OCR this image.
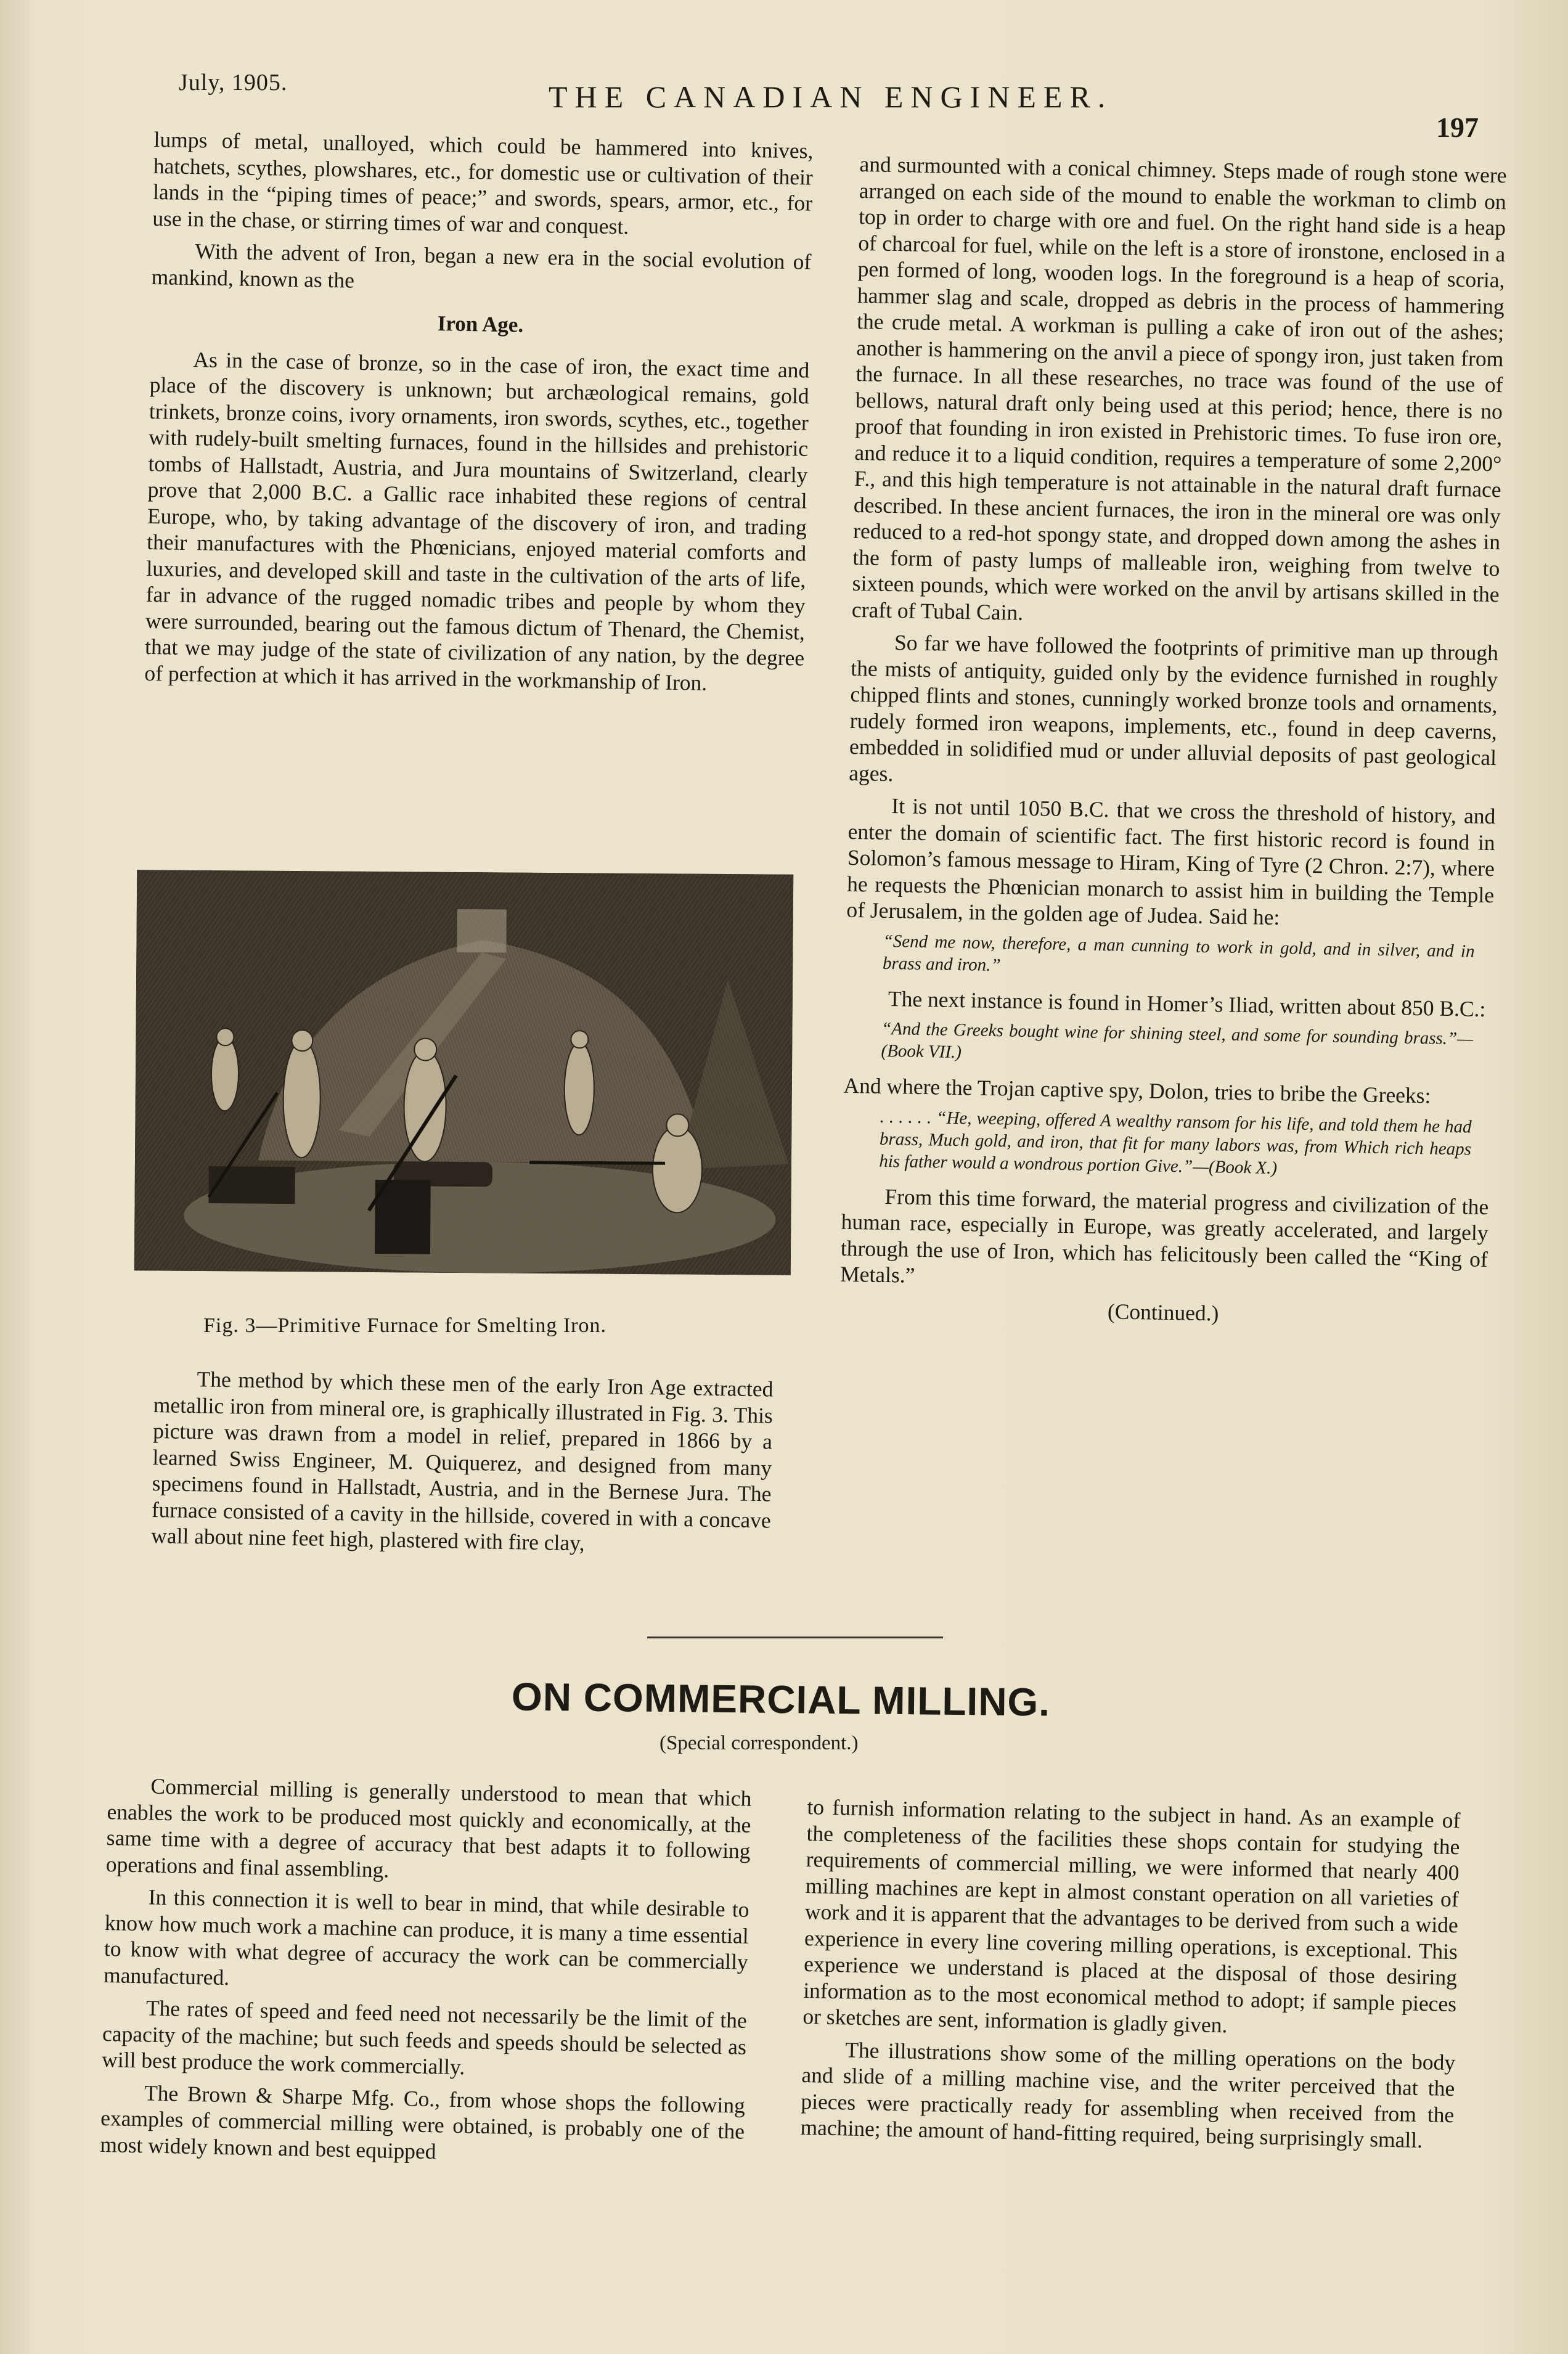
July, 1905.	THE CANADIAN ENGINEER.
197

lumps of metal, unalloyed, which could be hammered into knives, hatchets, scythes, plowshares, etc., for domestic use or cultivation of their lands in the “piping times of peace;” and swords, spears, armor, etc., for use in the chase, or stirring times of war and conquest.

With the advent of Iron, began a new era in the social evolution of mankind, known as the

Iron Age.

As in the case of bronze, so in the case of iron, the exact time and place of the discovery is unknown; but archæological remains, gold trinkets, bronze coins, ivory ornaments, iron swords, scythes, etc., together with rudely-built smelting furnaces, found in the hillsides and prehistoric tombs of Hallstadt, Austria, and Jura mountains of Switzerland, clearly prove that 2,000 B.C. a Gallic race inhabited these regions of central Europe, who, by taking advantage of the discovery of iron, and trading their manufactures with the Phœnicians, enjoyed material comforts and luxuries, and developed skill and taste in the cultivation of the arts of life, far in advance of the rugged nomadic tribes and people by whom they were surrounded, bearing out the famous dictum of Thenard, the Chemist, that we may judge of the state of civilization of any nation, by the degree of perfection at which it has arrived in the workmanship of Iron.

Fig. 3—Primitive Furnace for Smelting Iron.

The method by which these men of the early Iron Age extracted metallic iron from mineral ore, is graphically illustrated in Fig. 3. This picture was drawn from a model in relief, prepared in 1866 by a learned Swiss Engineer, M. Quiquerez, and designed from many specimens found in Hallstadt, Austria, and in the Bernese Jura. The furnace consisted of a cavity in the hillside, covered in with a concave wall about nine feet high, plastered with fire clay,

and surmounted with a conical chimney. Steps made of rough stone were arranged on each side of the mound to enable the workman to climb on top in order to charge with ore and fuel. On the right hand side is a heap of charcoal for fuel, while on the left is a store of ironstone, enclosed in a pen formed of long, wooden logs. In the foreground is a heap of scoria, hammer slag and scale, dropped as debris in the process of hammering the crude metal. A workman is pulling a cake of iron out of the ashes; another is hammering on the anvil a piece of spongy iron, just taken from the furnace. In all these researches, no trace was found of the use of bellows, natural draft only being used at this period; hence, there is no proof that founding in iron existed in Prehistoric times. To fuse iron ore, and reduce it to a liquid condition, requires a temperature of some 2,200° F., and this high temperature is not attainable in the natural draft furnace described. In these ancient furnaces, the iron in the mineral ore was only reduced to a red-hot spongy state, and dropped down among the ashes in the form of pasty lumps of malleable iron, weighing from twelve to sixteen pounds, which were worked on the anvil by artisans skilled in the craft of Tubal Cain.

So far we have followed the footprints of primitive man up through the mists of antiquity, guided only by the evidence furnished in roughly chipped flints and stones, cunningly worked bronze tools and ornaments, rudely formed iron weapons, implements, etc., found in deep caverns, embedded in solidified mud or under alluvial deposits of past geological ages.

It is not until 1050 B.C. that we cross the threshold of history, and enter the domain of scientific fact. The first historic record is found in Solomon’s famous message to Hiram, King of Tyre (2 Chron. 2:7), where he requests the Phœnician monarch to assist him in building the Temple of Jerusalem, in the golden age of Judea. Said he:

“Send me now, therefore, a man cunning to work in gold, and in silver, and in brass and iron.”

The next instance is found in Homer’s Iliad, written about 850 B.C.:

“And the Greeks bought wine for shining steel, and some for sounding brass.”—(Book VII.)

And where the Trojan captive spy, Dolon, tries to bribe the Greeks:

. . . . . . “He, weeping, offered A wealthy ransom for his life, and told them he had brass, Much gold, and iron, that fit for many labors was, from Which rich heaps his father would a wondrous portion Give.”—(Book X.)

From this time forward, the material progress and civilization of the human race, especially in Europe, was greatly accelerated, and largely through the use of Iron, which has felicitously been called the “King of Metals.”

(Continued.)
ON COMMERCIAL MILLING.
(Special correspondent.)

Commercial milling is generally understood to mean that which enables the work to be produced most quickly and economically, at the same time with a degree of accuracy that best adapts it to following operations and final assembling.

In this connection it is well to bear in mind, that while desirable to know how much work a machine can produce, it is many a time essential to know with what degree of accuracy the work can be commercially manufactured.

The rates of speed and feed need not necessarily be the limit of the capacity of the machine; but such feeds and speeds should be selected as will best produce the work commercially.

The Brown & Sharpe Mfg. Co., from whose shops the following examples of commercial milling were obtained, is probably one of the most widely known and best equipped

to furnish information relating to the subject in hand. As an example of the completeness of the facilities these shops contain for studying the requirements of commercial milling, we were informed that nearly 400 milling machines are kept in almost constant operation on all varieties of work and it is apparent that the advantages to be derived from such a wide experience in every line covering milling operations, is exceptional. This experience we understand is placed at the disposal of those desiring information as to the most economical method to adopt; if sample pieces or sketches are sent, information is gladly given.

The illustrations show some of the milling operations on the body and slide of a milling machine vise, and the writer perceived that the pieces were practically ready for assembling when received from the machine; the amount of hand-fitting required, being surprisingly small.
